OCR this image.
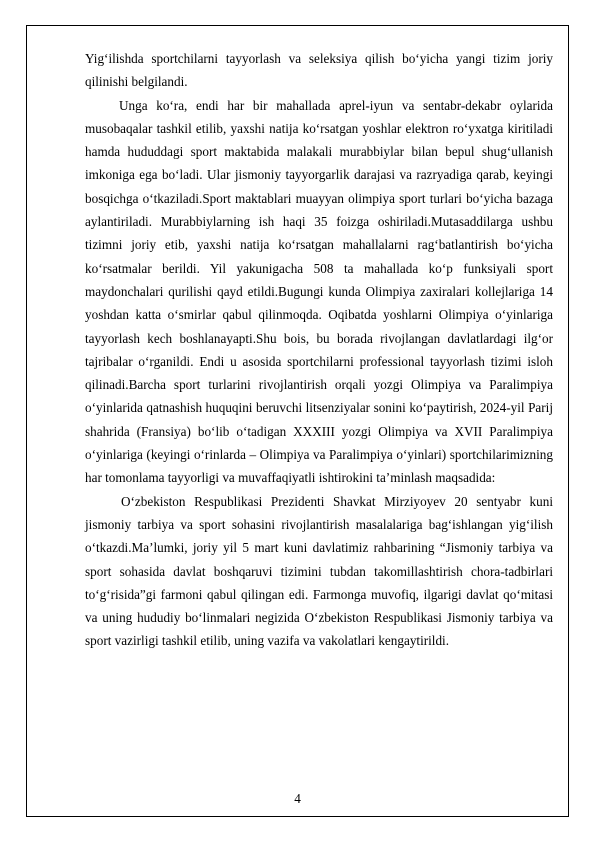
Yig‘ilishda sportchilarni tayyorlash va seleksiya qilish bo‘yicha yangi tizim joriy qilinishi belgilandi.

Unga ko‘ra, endi har bir mahallada aprel-iyun va sentabr-dekabr oylarida musobaqalar tashkil etilib, yaxshi natija ko‘rsatgan yoshlar elektron ro‘yxatga kiritiladi hamda hududdagi sport maktabida malakali murabbiylar bilan bepul shug‘ullanish imkoniga ega bo‘ladi. Ular jismoniy tayyorgarlik darajasi va razryadiga qarab, keyingi bosqichga o‘tkaziladi.Sport maktablari muayyan olimpiya sport turlari bo‘yicha bazaga aylantiriladi. Murabbiylarning ish haqi 35 foizga oshiriladi.Mutasaddilarga ushbu tizimni joriy etib, yaxshi natija ko‘rsatgan mahallalarni rag‘batlantirish bo‘yicha ko‘rsatmalar berildi. Yil yakunigacha 508 ta mahallada ko‘p funksiyali sport maydonchalari qurilishi qayd etildi.Bugungi kunda Olimpiya zaxiralari kollejlariga 14 yoshdan katta o‘smirlar qabul qilinmoqda. Oqibatda yoshlarni Olimpiya o‘yinlariga tayyorlash kech boshlanayapti.Shu bois, bu borada rivojlangan davlatlardagi ilg‘or tajribalar o‘rganildi. Endi u asosida sportchilarni professional tayyorlash tizimi isloh qilinadi.Barcha sport turlarini rivojlantirish orqali yozgi Olimpiya va Paralimpiya o‘yinlarida qatnashish huquqini beruvchi litsenziyalar sonini ko‘paytirish, 2024-yil Parij shahrida (Fransiya) bo‘lib o‘tadigan XXXIII yozgi Olimpiya va XVII Paralimpiya o‘yinlariga (keyingi o‘rinlarda – Olimpiya va Paralimpiya o‘yinlari) sportchilarimizning har tomonlama tayyorligi va muvaffaqiyatli ishtirokini ta’minlash maqsadida:

O‘zbekiston Respublikasi Prezidenti Shavkat Mirziyoyev 20 sentyabr kuni jismoniy tarbiya va sport sohasini rivojlantirish masalalariga bag‘ishlangan yig‘ilish o‘tkazdi.Ma’lumki, joriy yil 5 mart kuni davlatimiz rahbarining “Jismoniy tarbiya va sport sohasida davlat boshqaruvi tizimini tubdan takomillashtirish chora-tadbirlari to‘g‘risida”gi farmoni qabul qilingan edi. Farmonga muvofiq, ilgarigi davlat qo‘mitasi va uning hududiy bo‘linmalari negizida O‘zbekiston Respublikasi Jismoniy tarbiya va sport vazirligi tashkil etilib, uning vazifa va vakolatlari kengaytirildi.

4
